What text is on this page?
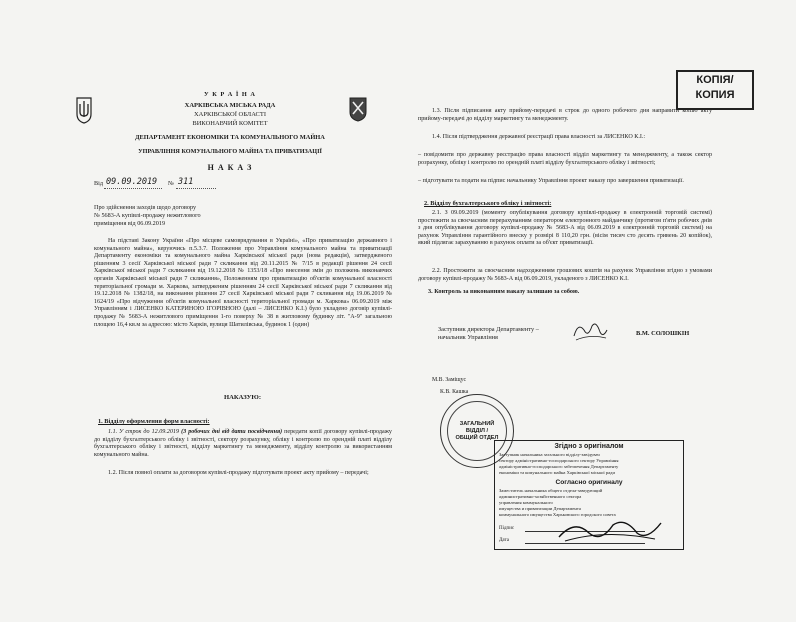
У К Р А Ї Н А
ХАРКІВСЬКА МІСЬКА РАДА
ХАРКІВСЬКОЇ ОБЛАСТІ
ВИКОНАВЧИЙ КОМІТЕТ
ДЕПАРТАМЕНТ ЕКОНОМІКИ ТА КОМУНАЛЬНОГО МАЙНА
УПРАВЛІННЯ КОМУНАЛЬНОГО МАЙНА ТА ПРИВАТИЗАЦІЇ
Н А К А З
Від 09.09.2019 № 311
Про здійснення заходів щодо договору
№ 5683-А купівлі-продажу нежитлового
приміщення від 06.09.2019
На підставі Закону України «Про місцеве самоврядування в Україні», «Про приватизацію державного і комунального майна», керуючись п.5.3.7. Положення про Управління комунального майна та приватизації Департаменту економіки та комунального майна Харківської міської ради (нова редакція), затвердженого рішенням 3 сесії Харківської міської ради 7 скликання від 20.11.2015 № 7/15 в редакції рішення 24 сесії Харківської міської ради 7 скликання від 19.12.2018 № 1353/18 «Про внесення змін до положень виконавчих органів Харківської міської ради 7 скликання», Положенням про приватизацію об'єктів комунальної власності територіальної громади м. Харкова, затвердженим рішенням 24 сесії Харківської міської ради 7 скликання від 19.12.2018 № 1382/18, на виконання рішення 27 сесії Харківської міської ради 7 скликання від 19.06.2019 № 1624/19 «Про відчуження об'єктів комунальної власності територіальної громади м. Харкова» 06.09.2019 між Управлінням і ЛИСЕНКО КАТЕРИНОЮ ІГОРІВНОЮ (далі – ЛИСЕНКО К.І.) було укладено договір купівлі-продажу № 5683-А нежитлового приміщення 1-го поверху № 38 в житловому будинку літ. "А-9" загальною площею 16,4 кв.м за адресою: місто Харків, вулиця Шатилівська, будинок 1 (один)
НАКАЗУЮ:
1. Відділу оформлення форм власності:
1.1. У строк до 12.09.2019 (3 робочих дні від дати посвідчення) передати копії договору купівлі-продажу до відділу бухгалтерського обліку і звітності, сектору розрахунку, обліку і контролю по орендній платі відділу бухгалтерського обліку і звітності, відділу маркетингу та менеджменту, відділу контролю за використанням комунального майна.
1.2. Після повної оплати за договором купівлі-продажу підготувати проект акту прийому – передачі;
1.3. Після підписання акту прийому-передачі в строк до одного робочого дня направити копію акту прийому-передачі до відділу маркетингу та менеджменту.
1.4. Після підтвердження державної реєстрації права власності за ЛИСЕНКО К.І.:
– повідомити про державну реєстрацію права власності відділ маркетингу та менеджменту, а також сектор розрахунку, обліку і контролю по орендній платі відділу бухгалтерського обліку і звітності;
– підготувати та подати на підпис начальнику Управління проект наказу про завершення приватизації.
2. Відділу бухгалтерського обліку і звітності:
2.1. З 09.09.2019 (моменту опублікування договору купівлі-продажу в електронній торговій системі) простежити за своєчасним перерахуванням оператором електронного майданчику (протягом п'яти робочих днів з дня опублікування договору купівлі-продажу № 5683-А від 06.09.2019 в електронній торговій системі) на рахунок Управління гарантійного внеску у розмірі 8 110,20 грн. (вісім тисяч сто десять гривень 20 копійок), який підлягає зарахуванню в рахунок оплати за об'єкт приватизації.
2.2. Простежити за своєчасним надходженням грошових коштів на рахунок Управління згідно з умовами договору купівлі-продажу № 5683-А від 06.09.2019, укладеного з ЛИСЕНКО К.І.
3. Контроль за виконанням наказу залишаю за собою.
Заступник директора Департаменту –
начальник Управління
В.М. СОЛОШКІН
М.В. Заміщус
К.В. Кашка
КОПІЯ/
КОПИЯ
ЗАГАЛЬНИЙ
ВІДДІЛ /
ОБЩИЙ ОТДЕЛ
Згідно з оригіналом
Заступник начальника загального відділу-завідувач
сектору адміністративно-господарського сектору Управління
адміністративно-господарського забезпечення Департаменту
економіки та комунального майна Харківської міської ради
Согласно оригиналу
Заместитель начальника общего отдела-заведующий
административно-хозяйственного сектора
управления коммунального
имущества и приватизации Департамента
коммунального имущества Харьковского городского совета
Підпис
Дата
